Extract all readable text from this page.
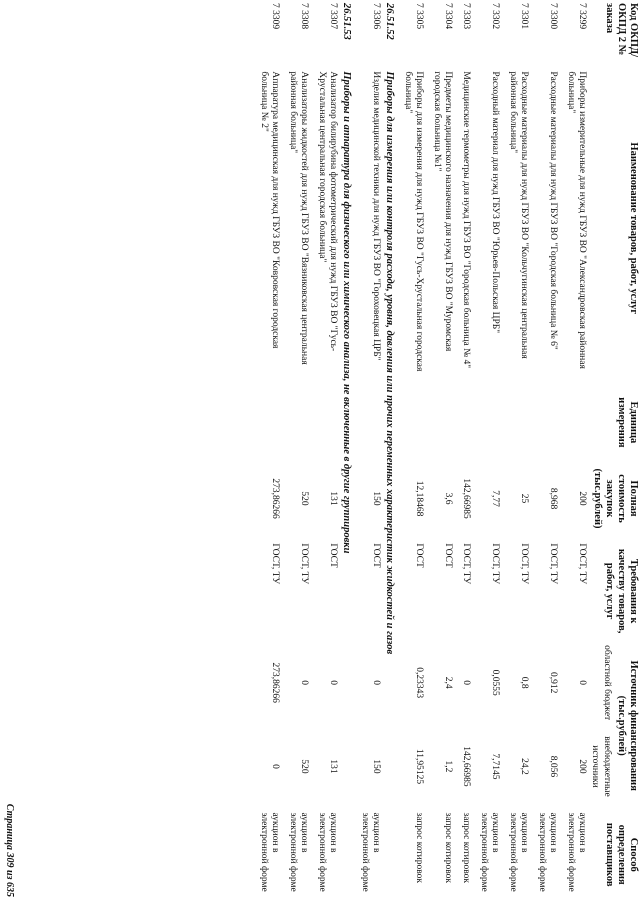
Код ОКПД/ ОКПД 2 № заказа	Наименование товаров, работ, услуг	Единица измерения	Полная стоимость закупок (тыс.рублей)	Требования к качеству товаров, работ, услуг	Источник финансирования (тыс.рублей)		Способ определения поставщиков
					областной бюджет	внебюджетные источники	
7 3299	Приборы измерительные для нужд ГБУЗ ВО "Александровская районная больница"		200	ГОСТ, ТУ	0	200	аукцион в электронной форме
7 3300	Расходные материалы для нужд ГБУЗ ВО "Городская больница № 6"		8,968	ГОСТ, ТУ	0,912	8,056	аукцион в электронной форме
7 3301	Расходные материалы для нужд ГБУЗ ВО "Кольчугинская центральная районная больница"		25	ГОСТ, ТУ	0,8	24,2	аукцион в электронной форме
7 3302	Расходный материал для нужд ГБУЗ ВО "Юрьев-Польская ЦРБ"		7,77	ГОСТ, ТУ	0,0555	7,7145	аукцион в электронной форме
7 3303	Медицинские термометры для нужд ГБУЗ ВО "Городская больница № 4"		142,66985	ГОСТ, ТУ	0	142,66985	запрос котировок
7 3304	Предметы медицинского назначения для нужд ГБУЗ ВО "Муромская городская больница №1"		3,6	ГОСТ	2,4	1,2	запрос котировок
7 3305	Приборы для измерения для нужд ГБУЗ ВО "Гусь-Хрустальная городская больница"		12,18468	ГОСТ	0,23343	11,95125	запрос котировок
26.51.52	Приборы для измерения или контроля расхода, уровня, давления или прочих переменных характеристик жидкостей и газов						
7 3306	Изделия медицинской техники для нужд ГБУЗ ВО "Гороховецкая ЦРБ"		150	ГОСТ	0	150	аукцион в электронной форме
26.51.53	Приборы и аппаратура для физического или химического анализа, не включенные в другие группировки						
7 3307	Анализатор билирубина фотометрический для нужд ГБУЗ ВО "Гусь-Хрустальная центральная городская больница"		131	ГОСТ	0	131	аукцион в электронной форме
7 3308	Анализаторы жидкостей для нужд ГБУЗ ВО "Вязниковская центральная районная больница"		520	ГОСТ, ТУ	0	520	аукцион в электронной форме
7 3309	Аппаратура медицинская для нужд ГБУЗ ВО "Ковровская городская больница № 2"		273,86266	ГОСТ, ТУ	273,86266	0	аукцион в электронной форме
Страница 309 из 635
